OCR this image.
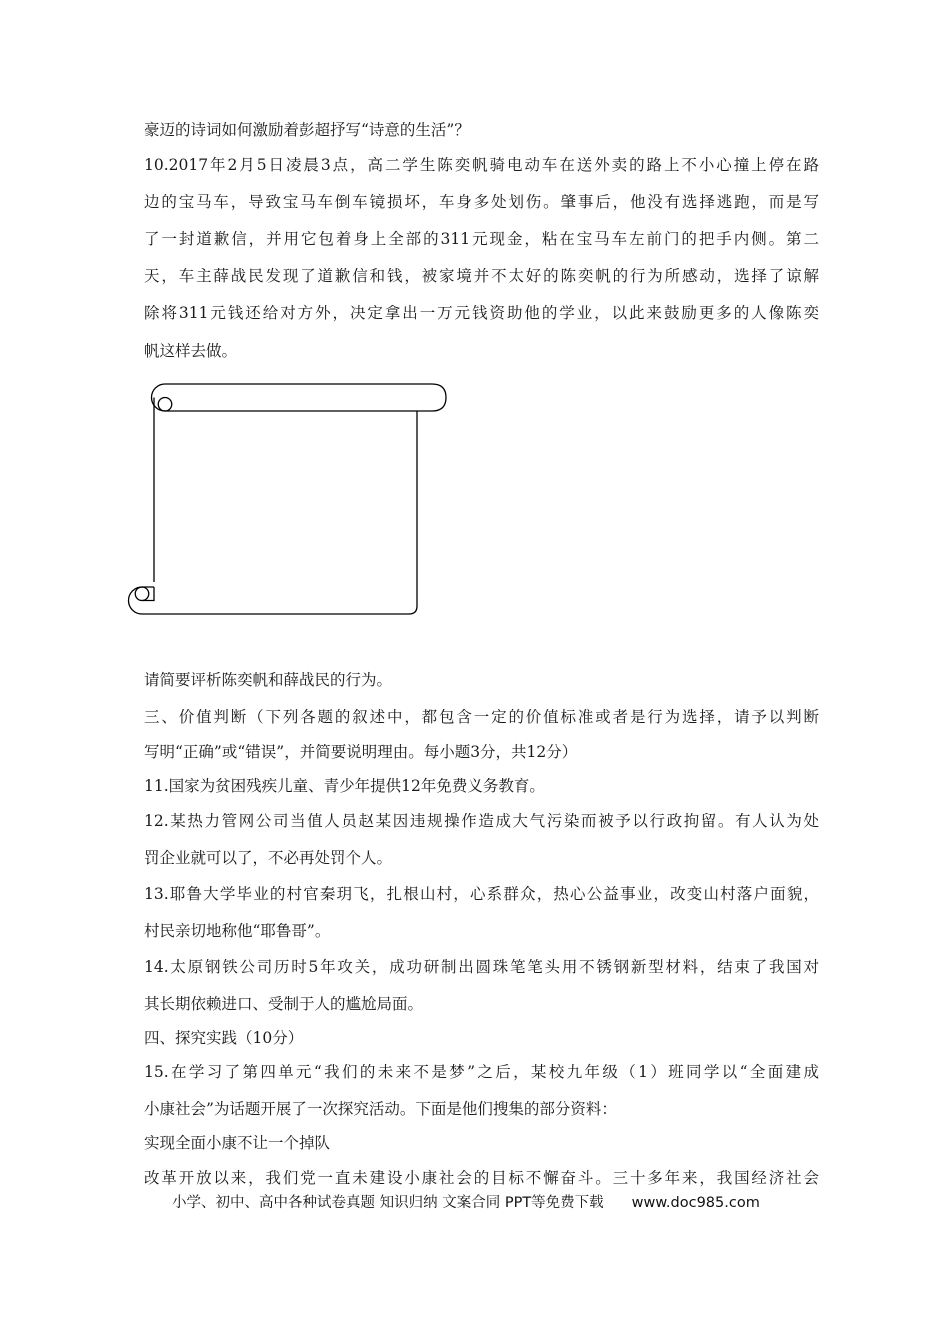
豪迈的诗词如何激励着彭超抒写“诗意的生活”？
10.2017年2月5日凌晨3点，高二学生陈奕帆骑电动车在送外卖的路上不小心撞上停在路
边的宝马车，导致宝马车倒车镜损坏，车身多处划伤。肇事后，他没有选择逃跑，而是写
了一封道歉信，并用它包着身上全部的311元现金，粘在宝马车左前门的把手内侧。第二
天，车主薛战民发现了道歉信和钱，被家境并不太好的陈奕帆的行为所感动，选择了谅解
除将311元钱还给对方外，决定拿出一万元钱资助他的学业，以此来鼓励更多的人像陈奕
帆这样去做。
请简要评析陈奕帆和薛战民的行为。
三、价值判断（下列各题的叙述中，都包含一定的价值标准或者是行为选择，请予以判断
写明“正确”或“错误”，并简要说明理由。每小题3分，共12分）
11.国家为贫困残疾儿童、青少年提供12年免费义务教育。
12.某热力管网公司当值人员赵某因违规操作造成大气污染而被予以行政拘留。有人认为处
罚企业就可以了，不必再处罚个人。
13.耶鲁大学毕业的村官秦玥飞，扎根山村，心系群众，热心公益事业，改变山村落户面貌，
村民亲切地称他“耶鲁哥”。
14.太原钢铁公司历时5年攻关，成功研制出圆珠笔笔头用不锈钢新型材料，结束了我国对
其长期依赖进口、受制于人的尴尬局面。
四、探究实践（10分）
15.在学习了第四单元“我们的未来不是梦”之后，某校九年级（1）班同学以“全面建成
小康社会”为话题开展了一次探究活动。下面是他们搜集的部分资料：
实现全面小康不让一个掉队
改革开放以来，我们党一直未建设小康社会的目标不懈奋斗。三十多年来，我国经济社会
小学、初中、高中各种试卷真题 知识归纳 文案合同 PPT等免费下载 www.doc985.com
